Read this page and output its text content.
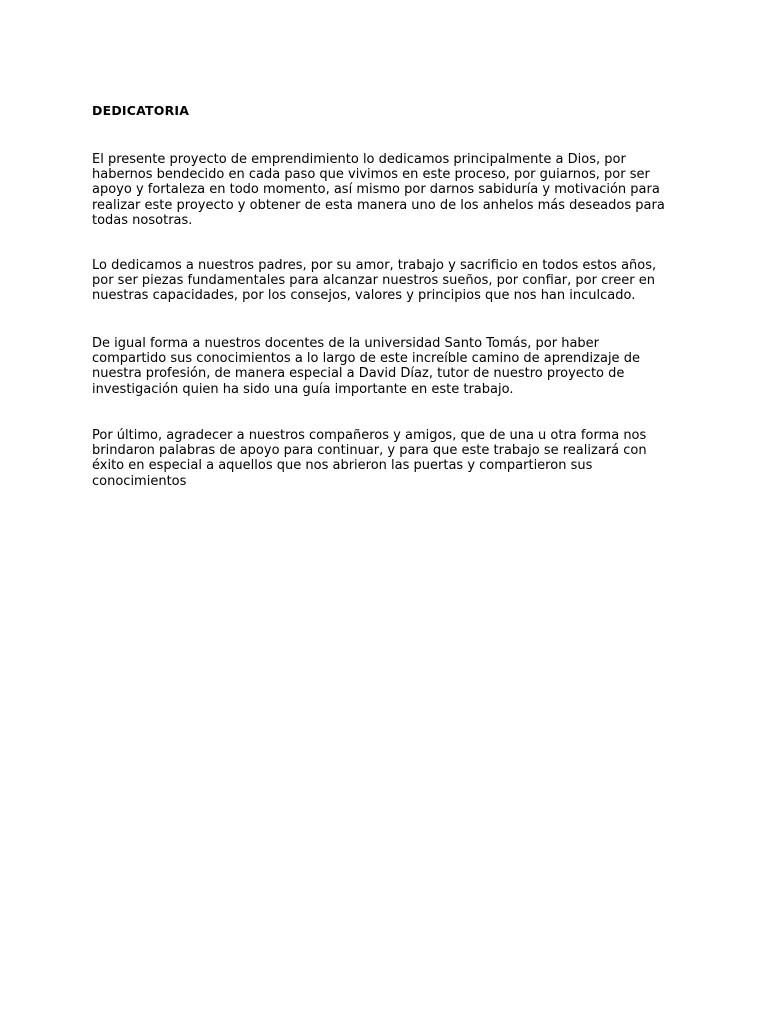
DEDICATORIA

El presente proyecto de emprendimiento lo dedicamos principalmente a Dios, por habernos bendecido en cada paso que vivimos en este proceso, por guiarnos, por ser apoyo y fortaleza en todo momento, así mismo por darnos sabiduría y motivación para realizar este proyecto y obtener de esta manera uno de los anhelos más deseados para todas nosotras.

Lo dedicamos a nuestros padres, por su amor, trabajo y sacrificio en todos estos años, por ser piezas fundamentales para alcanzar nuestros sueños, por confiar, por creer en nuestras capacidades, por los consejos, valores y principios que nos han inculcado.

De igual forma a nuestros docentes de la universidad Santo Tomás, por haber compartido sus conocimientos a lo largo de este increíble camino de aprendizaje de nuestra profesión, de manera especial a David Díaz, tutor de nuestro proyecto de investigación quien ha sido una guía importante en este trabajo.

Por último, agradecer a nuestros compañeros y amigos, que de una u otra forma nos brindaron palabras de apoyo para continuar, y para que este trabajo se realizará con éxito en especial a aquellos que nos abrieron las puertas y compartieron sus conocimientos
